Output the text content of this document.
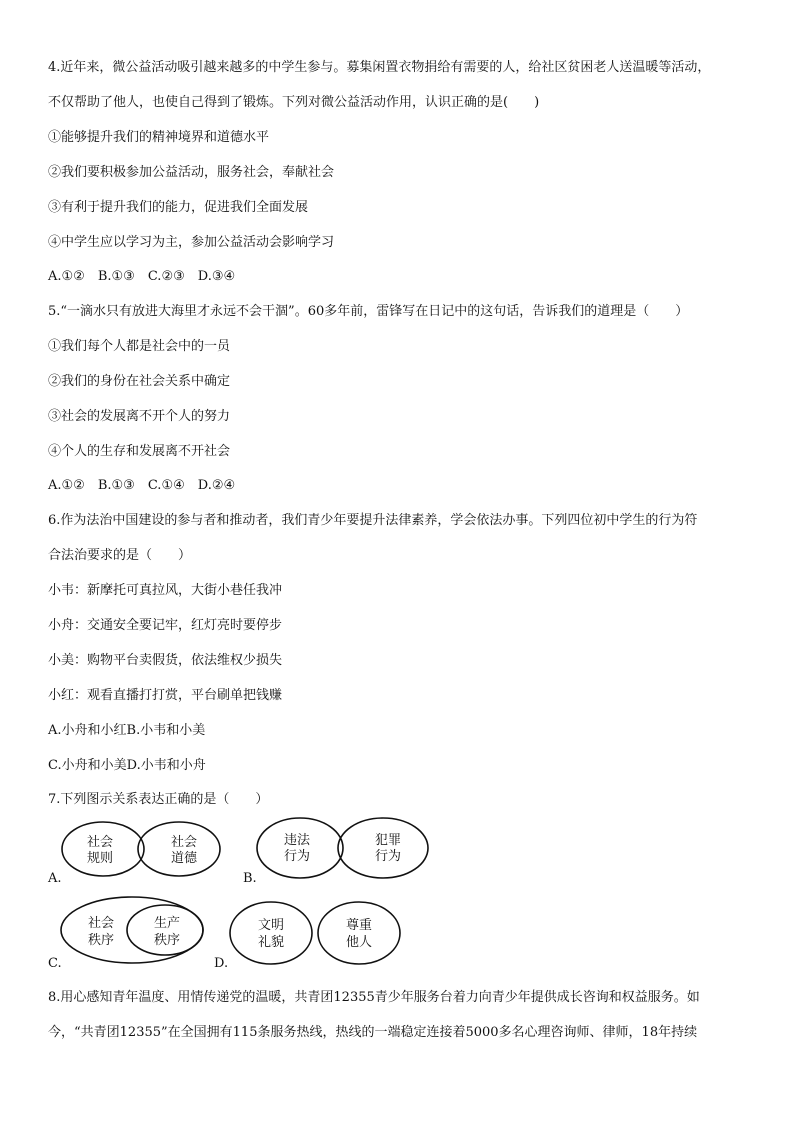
4.近年来，微公益活动吸引越来越多的中学生参与。募集闲置衣物捐给有需要的人，给社区贫困老人送温暖等活动，
不仅帮助了他人，也使自己得到了锻炼。下列对微公益活动作用，认识正确的是(　　)
①能够提升我们的精神境界和道德水平
②我们要积极参加公益活动，服务社会，奉献社会
③有利于提升我们的能力，促进我们全面发展
④中学生应以学习为主，参加公益活动会影响学习
A.①②　B.①③　C.②③　D.③④
5.“一滴水只有放进大海里才永远不会干涸”。60多年前，雷锋写在日记中的这句话，告诉我们的道理是（　　）
①我们每个人都是社会中的一员
②我们的身份在社会关系中确定
③社会的发展离不开个人的努力
④个人的生存和发展离不开社会
A.①②　B.①③　C.①④　D.②④
6.作为法治中国建设的参与者和推动者，我们青少年要提升法律素养，学会依法办事。下列四位初中学生的行为符
合法治要求的是（　　）
小韦：新摩托可真拉风，大街小巷任我冲
小舟：交通安全要记牢，红灯亮时要停步
小美：购物平台卖假货，依法维权少损失
小红：观看直播打打赏，平台刷单把钱赚
A.小舟和小红B.小韦和小美
C.小舟和小美D.小韦和小舟
7.下列图示关系表达正确的是（　　）
社会
规则
社会
道德
A.
违法
行为
犯罪
行为
B.
社会
秩序
生产
秩序
C.
文明
礼貌
尊重
他人
D.
8.用心感知青年温度、用情传递党的温暖，共青团12355青少年服务台着力向青少年提供成长咨询和权益服务。如
今，“共青团12355”在全国拥有115条服务热线，热线的一端稳定连接着5000多名心理咨询师、律师，18年持续
